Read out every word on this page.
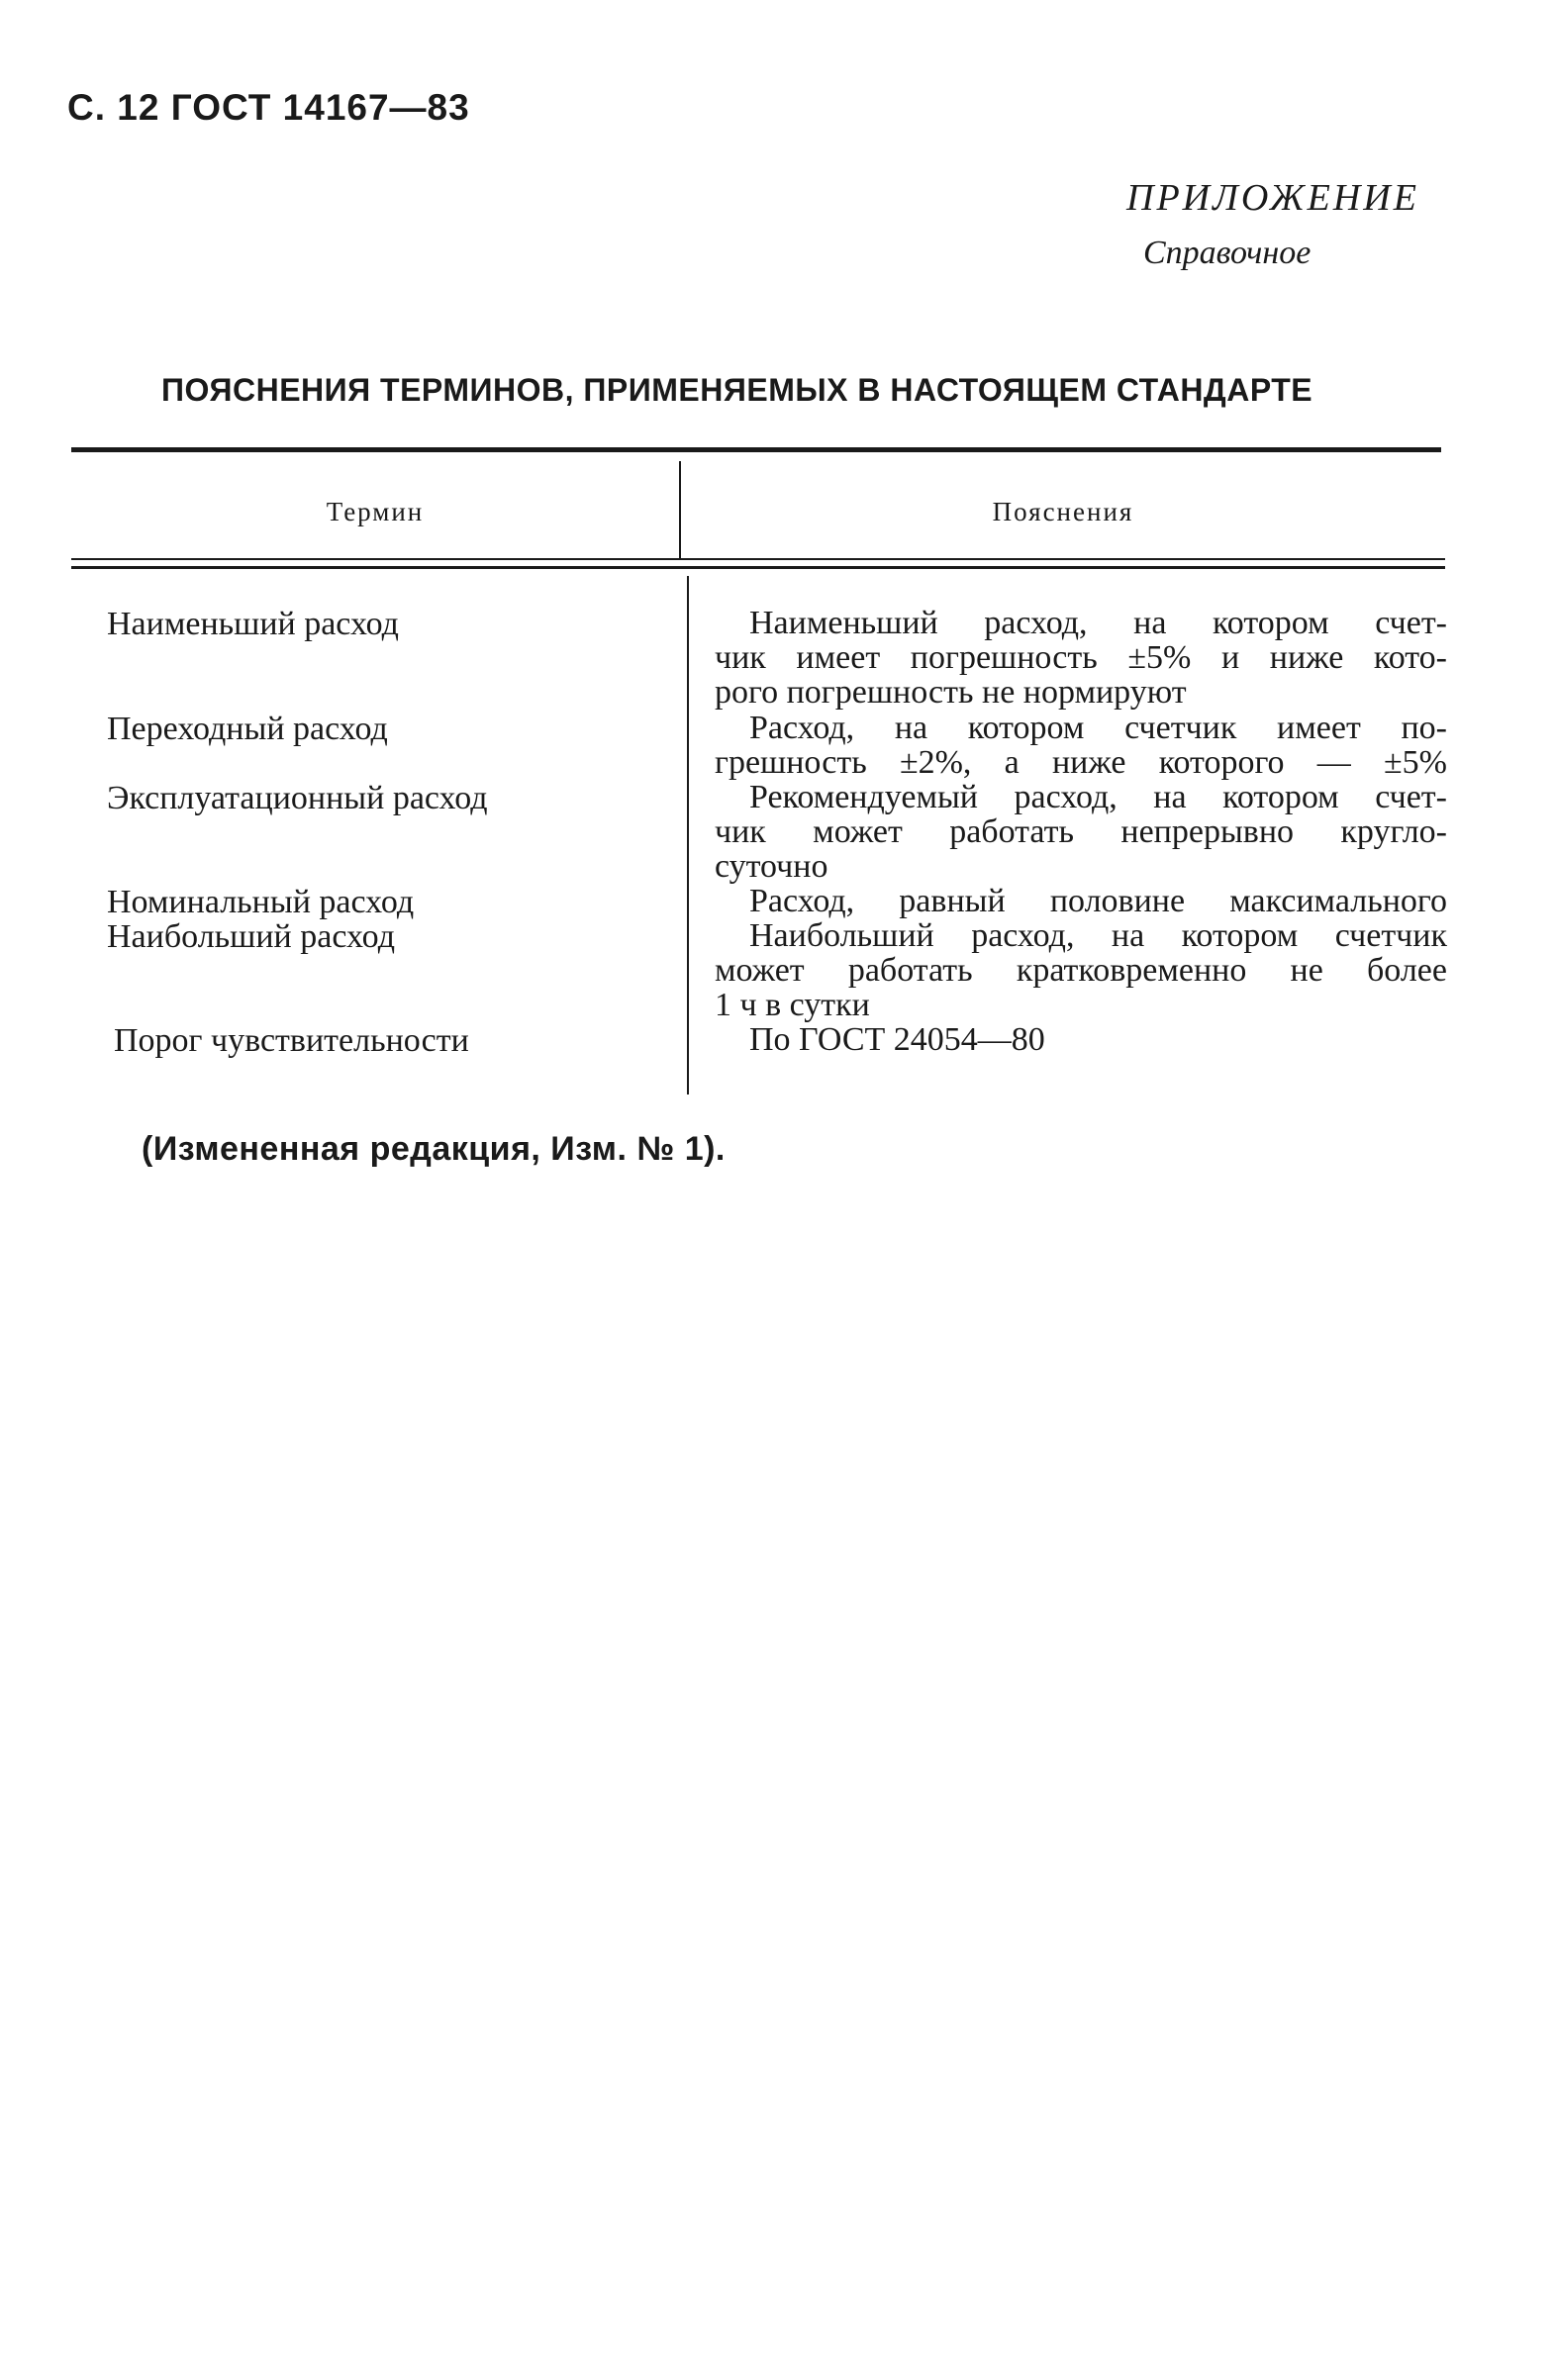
С. 12 ГОСТ 14167—83
ПРИЛОЖЕНИЕ
Справочное
ПОЯСНЕНИЯ ТЕРМИНОВ, ПРИМЕНЯЕМЫХ В НАСТОЯЩЕМ СТАНДАРТЕ
Термин	Пояснения
Наименьший расход	Наименьший расход, на котором счет-
чик имеет погрешность ±5% и ниже кото-
рого погрешность не нормируют
Переходный расход	Расход, на котором счетчик имеет по-
грешность ±2%, а ниже которого — ±5%
Эксплуатационный расход	Рекомендуемый расход, на котором счет-
чик может работать непрерывно кругло-
суточно
Номинальный расход	Расход, равный половине максимального
Наибольший расход	Наибольший расход, на котором счетчик
может работать кратковременно не более
1 ч в сутки
Порог чувствительности	По ГОСТ 24054—80
(Измененная редакция, Изм. № 1).
